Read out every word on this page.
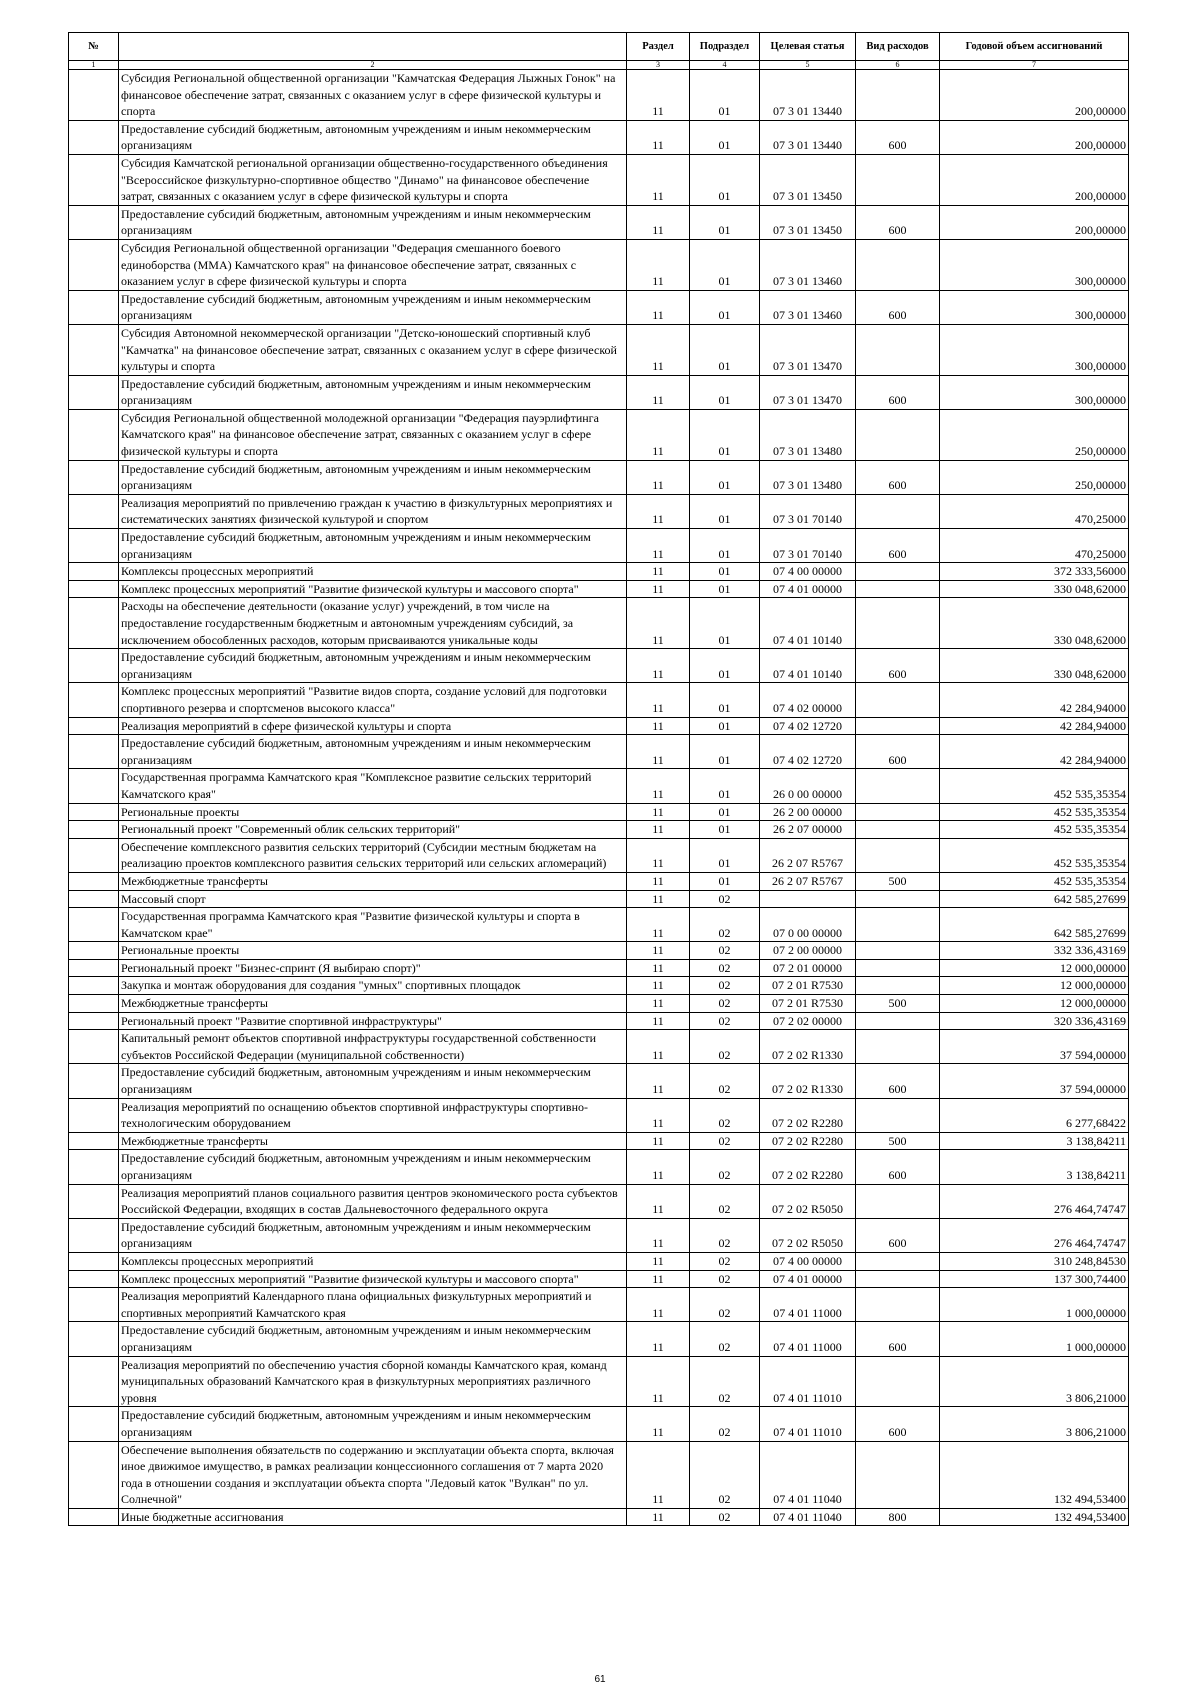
№		Раздел	Подраздел	Целевая статья	Вид расходов	Годовой объем ассигнований
1	2	3	4	5	6	7
	Субсидия Региональной общественной организации "Камчатская Федерация Лыжных Гонок" на финансовое обеспечение затрат, связанных с оказанием услуг в сфере физической культуры и спорта	11	01	07 3 01 13440		200,00000
	Предоставление субсидий бюджетным, автономным учреждениям и иным некоммерческим организациям	11	01	07 3 01 13440	600	200,00000
	Субсидия Камчатской региональной организации общественно-государственного объединения "Всероссийское физкультурно-спортивное общество "Динамо" на финансовое обеспечение затрат, связанных с оказанием услуг в сфере физической культуры и спорта	11	01	07 3 01 13450		200,00000
	Предоставление субсидий бюджетным, автономным учреждениям и иным некоммерческим организациям	11	01	07 3 01 13450	600	200,00000
	Субсидия Региональной общественной организации "Федерация смешанного боевого единоборства (ММА) Камчатского края" на финансовое обеспечение затрат, связанных с оказанием услуг в сфере физической культуры и спорта	11	01	07 3 01 13460		300,00000
	Предоставление субсидий бюджетным, автономным учреждениям и иным некоммерческим организациям	11	01	07 3 01 13460	600	300,00000
	Субсидия Автономной некоммерческой организации "Детско-юношеский спортивный клуб "Камчатка" на финансовое обеспечение затрат, связанных с оказанием услуг в сфере физической культуры и спорта	11	01	07 3 01 13470		300,00000
	Предоставление субсидий бюджетным, автономным учреждениям и иным некоммерческим организациям	11	01	07 3 01 13470	600	300,00000
	Субсидия Региональной общественной молодежной организации "Федерация пауэрлифтинга Камчатского края" на финансовое обеспечение затрат, связанных с оказанием услуг в сфере физической культуры и спорта	11	01	07 3 01 13480		250,00000
	Предоставление субсидий бюджетным, автономным учреждениям и иным некоммерческим организациям	11	01	07 3 01 13480	600	250,00000
	Реализация мероприятий по привлечению граждан к участию в физкультурных мероприятиях и систематических занятиях физической культурой и спортом	11	01	07 3 01 70140		470,25000
	Предоставление субсидий бюджетным, автономным учреждениям и иным некоммерческим организациям	11	01	07 3 01 70140	600	470,25000
	Комплексы процессных мероприятий	11	01	07 4 00 00000		372 333,56000
	Комплекс процессных мероприятий "Развитие физической культуры и массового спорта"	11	01	07 4 01 00000		330 048,62000
	Расходы на обеспечение деятельности (оказание услуг) учреждений, в том числе на предоставление государственным бюджетным и автономным учреждениям субсидий, за исключением обособленных расходов, которым присваиваются уникальные коды	11	01	07 4 01 10140		330 048,62000
	Предоставление субсидий бюджетным, автономным учреждениям и иным некоммерческим организациям	11	01	07 4 01 10140	600	330 048,62000
	Комплекс процессных мероприятий "Развитие видов спорта, создание условий для подготовки спортивного резерва и спортсменов высокого класса"	11	01	07 4 02 00000		42 284,94000
	Реализация мероприятий в сфере физической культуры и спорта	11	01	07 4 02 12720		42 284,94000
	Предоставление субсидий бюджетным, автономным учреждениям и иным некоммерческим организациям	11	01	07 4 02 12720	600	42 284,94000
	Государственная программа Камчатского края "Комплексное развитие сельских территорий Камчатского края"	11	01	26 0 00 00000		452 535,35354
	Региональные проекты	11	01	26 2 00 00000		452 535,35354
	Региональный проект "Современный облик сельских территорий"	11	01	26 2 07 00000		452 535,35354
	Обеспечение комплексного развития сельских территорий (Субсидии местным бюджетам на реализацию проектов комплексного развития сельских территорий или сельских агломераций)	11	01	26 2 07 R5767		452 535,35354
	Межбюджетные трансферты	11	01	26 2 07 R5767	500	452 535,35354
	Массовый спорт	11	02			642 585,27699
	Государственная программа Камчатского края "Развитие физической культуры и спорта в Камчатском крае"	11	02	07 0 00 00000		642 585,27699
	Региональные проекты	11	02	07 2 00 00000		332 336,43169
	Региональный проект "Бизнес-спринт (Я выбираю спорт)"	11	02	07 2 01 00000		12 000,00000
	Закупка и монтаж оборудования для создания "умных" спортивных площадок	11	02	07 2 01 R7530		12 000,00000
	Межбюджетные трансферты	11	02	07 2 01 R7530	500	12 000,00000
	Региональный проект "Развитие спортивной инфраструктуры"	11	02	07 2 02 00000		320 336,43169
	Капитальный ремонт объектов спортивной инфраструктуры государственной собственности субъектов Российской Федерации (муниципальной собственности)	11	02	07 2 02 R1330		37 594,00000
	Предоставление субсидий бюджетным, автономным учреждениям и иным некоммерческим организациям	11	02	07 2 02 R1330	600	37 594,00000
	Реализация мероприятий по оснащению объектов спортивной инфраструктуры спортивно-технологическим оборудованием	11	02	07 2 02 R2280		6 277,68422
	Межбюджетные трансферты	11	02	07 2 02 R2280	500	3 138,84211
	Предоставление субсидий бюджетным, автономным учреждениям и иным некоммерческим организациям	11	02	07 2 02 R2280	600	3 138,84211
	Реализация мероприятий планов социального развития центров экономического роста субъектов Российской Федерации, входящих в состав Дальневосточного федерального округа	11	02	07 2 02 R5050		276 464,74747
	Предоставление субсидий бюджетным, автономным учреждениям и иным некоммерческим организациям	11	02	07 2 02 R5050	600	276 464,74747
	Комплексы процессных мероприятий	11	02	07 4 00 00000		310 248,84530
	Комплекс процессных мероприятий "Развитие физической культуры и массового спорта"	11	02	07 4 01 00000		137 300,74400
	Реализация мероприятий Календарного плана официальных физкультурных мероприятий и спортивных мероприятий Камчатского края	11	02	07 4 01 11000		1 000,00000
	Предоставление субсидий бюджетным, автономным учреждениям и иным некоммерческим организациям	11	02	07 4 01 11000	600	1 000,00000
	Реализация мероприятий по обеспечению участия сборной команды Камчатского края, команд муниципальных образований Камчатского края в физкультурных мероприятиях различного уровня	11	02	07 4 01 11010		3 806,21000
	Предоставление субсидий бюджетным, автономным учреждениям и иным некоммерческим организациям	11	02	07 4 01 11010	600	3 806,21000
	Обеспечение выполнения обязательств по содержанию и эксплуатации объекта спорта, включая иное движимое имущество, в рамках реализации концессионного соглашения от 7 марта 2020 года в отношении создания и эксплуатации объекта спорта "Ледовый каток "Вулкан" по ул. Солнечной"	11	02	07 4 01 11040		132 494,53400
	Иные бюджетные ассигнования	11	02	07 4 01 11040	800	132 494,53400
61
